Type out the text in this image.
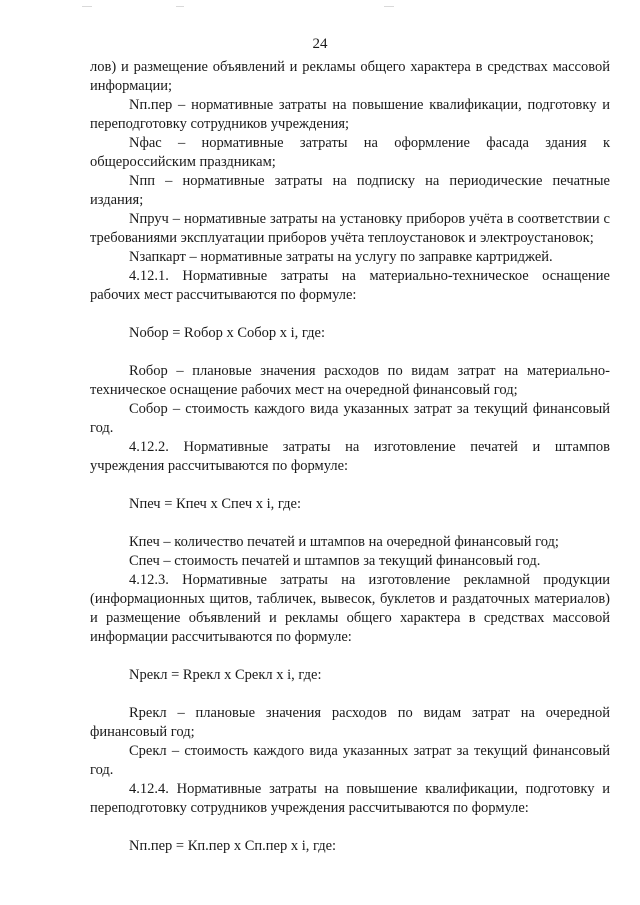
24

лов) и размещение объявлений и рекламы общего характера в средствах массовой информации;

Nп.пер – нормативные затраты на повышение квалификации, подготовку и переподготовку сотрудников учреждения;

Nфас – нормативные затраты на оформление фасада здания к общероссийским праздникам;

Nпп – нормативные затраты на подписку на периодические печатные издания;

Nпруч – нормативные затраты на установку приборов учёта в соответствии с требованиями эксплуатации приборов учёта теплоустановок и электроустановок;

Nзапкарт – нормативные затраты на услугу по заправке картриджей.

4.12.1. Нормативные затраты на материально-техническое оснащение рабочих мест рассчитываются по формуле:

Nобор = Rобор х Собор х i, где:

Rобор – плановые значения расходов по видам затрат на материально-техническое оснащение рабочих мест на очередной финансовый год;

Собор – стоимость каждого вида указанных затрат за текущий финансовый год.

4.12.2. Нормативные затраты на изготовление печатей и штампов учреждения рассчитываются по формуле:

Nпеч = Кпеч х Спеч х i, где:

Кпеч – количество печатей и штампов на очередной финансовый год;

Спеч – стоимость печатей и штампов за текущий финансовый год.

4.12.3. Нормативные затраты на изготовление рекламной продукции (информационных щитов, табличек, вывесок, буклетов и раздаточных материалов) и размещение объявлений и рекламы общего характера в средствах массовой информации рассчитываются по формуле:

Nрекл = Rрекл х Срекл х i, где:

Rрекл – плановые значения расходов по видам затрат на очередной финансовый год;

Срекл – стоимость каждого вида указанных затрат за текущий финансовый год.

4.12.4. Нормативные затраты на повышение квалификации, подготовку и переподготовку сотрудников учреждения рассчитываются по формуле:

Nп.пер = Кп.пер х Сп.пер х i, где:
